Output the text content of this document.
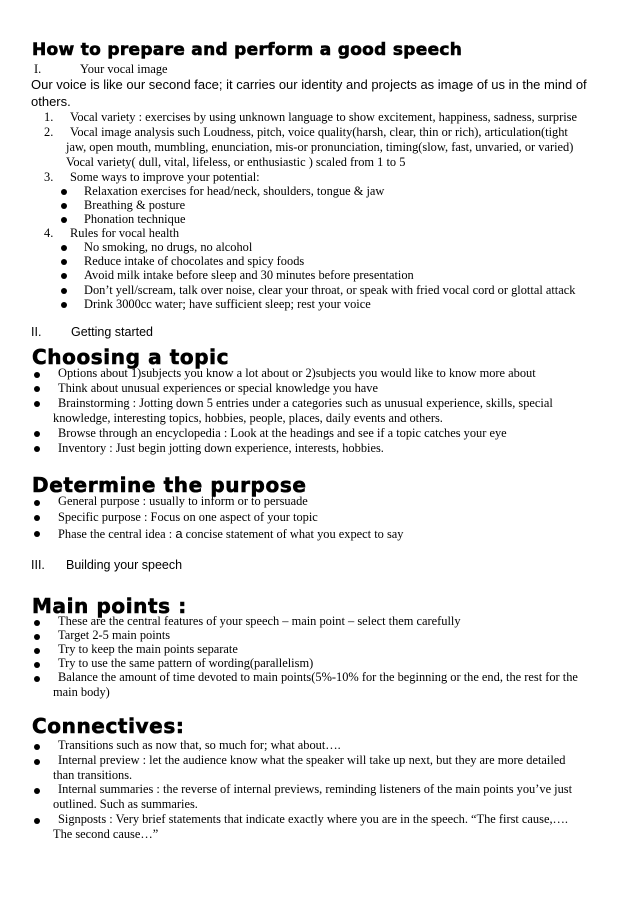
How to prepare and perform a good speech
I.	Your vocal image
Our voice is like our second face; it carries our identity and projects as image of us in the mind of
others.
1. Vocal variety : exercises by using unknown language to show excitement, happiness, sadness, surprise
2. Vocal image analysis such Loudness, pitch, voice quality(harsh, clear, thin or rich), articulation(tight
jaw, open mouth, mumbling, enunciation, mis-or pronunciation, timing(slow, fast, unvaried, or varied)
Vocal variety( dull, vital, lifeless, or enthusiastic ) scaled from 1 to 5
3. Some ways to improve your potential:
Relaxation exercises for head/neck, shoulders, tongue & jaw
Breathing & posture
Phonation technique
4. Rules for vocal health
No smoking, no drugs, no alcohol
Reduce intake of chocolates and spicy foods
Avoid milk intake before sleep and 30 minutes before presentation
Don’t yell/scream, talk over noise, clear your throat, or speak with fried vocal cord or glottal attack
Drink 3000cc water; have sufficient sleep; rest your voice
II. Getting started
Choosing a topic
Options about 1)subjects you know a lot about or 2)subjects you would like to know more about
Think about unusual experiences or special knowledge you have
Brainstorming : Jotting down 5 entries under a categories such as unusual experience, skills, special
knowledge, interesting topics, hobbies, people, places, daily events and others.
Browse through an encyclopedia : Look at the headings and see if a topic catches your eye
Inventory : Just begin jotting down experience, interests, hobbies.
Determine the purpose
General purpose : usually to inform or to persuade
Specific purpose : Focus on one aspect of your topic
Phase the central idea : a concise statement of what you expect to say
III. Building your speech
Main points :
These are the central features of your speech – main point – select them carefully
Target 2-5 main points
Try to keep the main points separate
Try to use the same pattern of wording(parallelism)
Balance the amount of time devoted to main points(5%-10% for the beginning or the end, the rest for the
main body)
Connectives:
Transitions such as now that, so much for; what about….
Internal preview : let the audience know what the speaker will take up next, but they are more detailed
than transitions.
Internal summaries : the reverse of internal previews, reminding listeners of the main points you’ve just
outlined. Such as summaries.
Signposts : Very brief statements that indicate exactly where you are in the speech. “The first cause,….
The second cause…”
